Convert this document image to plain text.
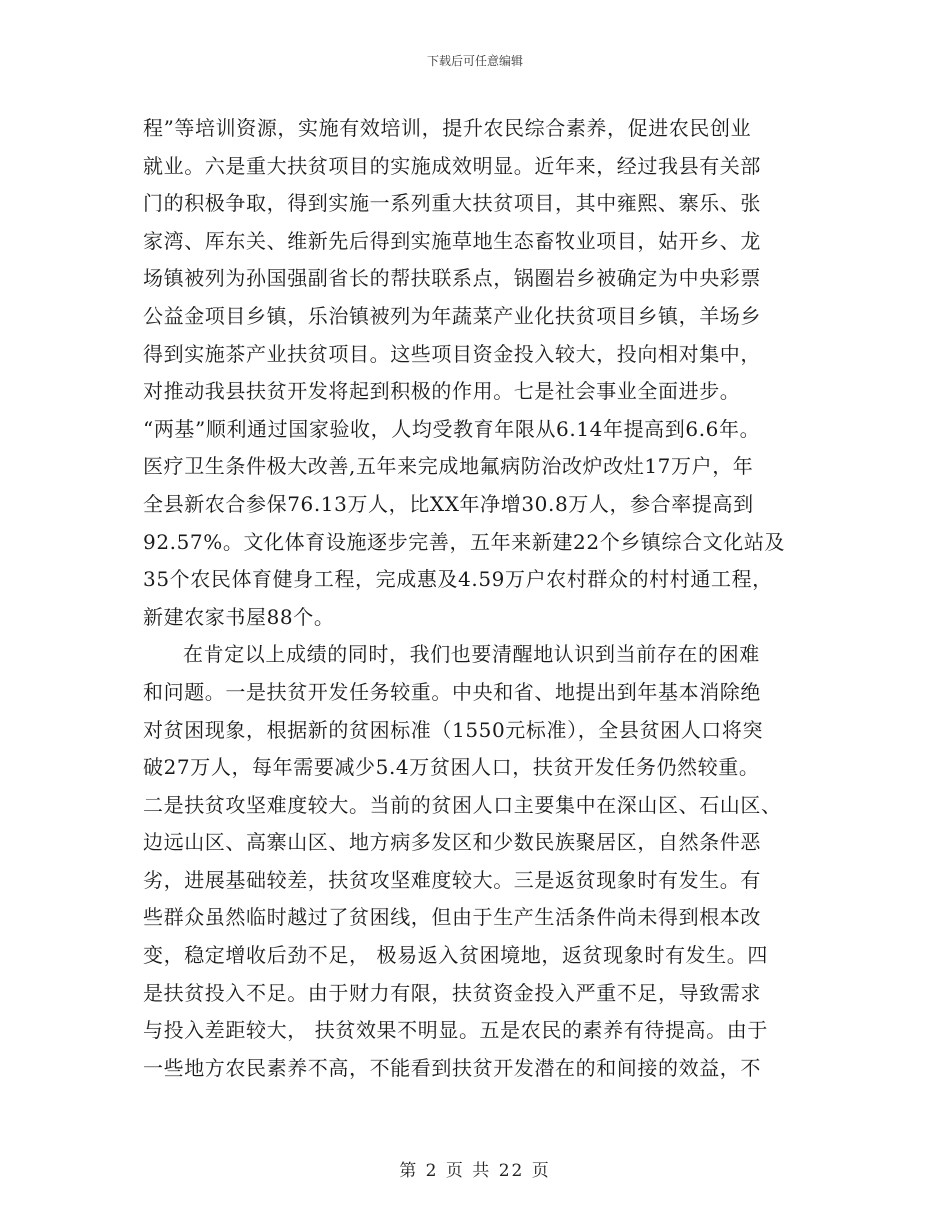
下载后可任意编辑
程”等培训资源，实施有效培训，提升农民综合素养，促进农民创业
就业。六是重大扶贫项目的实施成效明显。近年来，经过我县有关部
门的积极争取，得到实施一系列重大扶贫项目，其中雍熙、寨乐、张
家湾、厍东关、维新先后得到实施草地生态畜牧业项目，姑开乡、龙
场镇被列为孙国强副省长的帮扶联系点，锅圈岩乡被确定为中央彩票
公益金项目乡镇，乐治镇被列为年蔬菜产业化扶贫项目乡镇，羊场乡
得到实施茶产业扶贫项目。这些项目资金投入较大，投向相对集中，
对推动我县扶贫开发将起到积极的作用。七是社会事业全面进步。
“两基”顺利通过国家验收，人均受教育年限从6.14年提高到6.6年。
医疗卫生条件极大改善,五年来完成地氟病防治改炉改灶17万户，年
全县新农合参保76.13万人，比XX年净增30.8万人，参合率提高到
92.57%。文化体育设施逐步完善，五年来新建22个乡镇综合文化站及
35个农民体育健身工程，完成惠及4.59万户农村群众的村村通工程，
新建农家书屋88个。
在肯定以上成绩的同时，我们也要清醒地认识到当前存在的困难
和问题。一是扶贫开发任务较重。中央和省、地提出到年基本消除绝
对贫困现象，根据新的贫困标准（1550元标准），全县贫困人口将突
破27万人，每年需要减少5.4万贫困人口，扶贫开发任务仍然较重。
二是扶贫攻坚难度较大。当前的贫困人口主要集中在深山区、石山区、
边远山区、高寨山区、地方病多发区和少数民族聚居区，自然条件恶
劣，进展基础较差，扶贫攻坚难度较大。三是返贫现象时有发生。有
些群众虽然临时越过了贫困线，但由于生产生活条件尚未得到根本改
变，稳定增收后劲不足， 极易返入贫困境地，返贫现象时有发生。四
是扶贫投入不足。由于财力有限，扶贫资金投入严重不足，导致需求
与投入差距较大， 扶贫效果不明显。五是农民的素养有待提高。由于
一些地方农民素养不高，不能看到扶贫开发潜在的和间接的效益，不
第 2 页 共 22 页
